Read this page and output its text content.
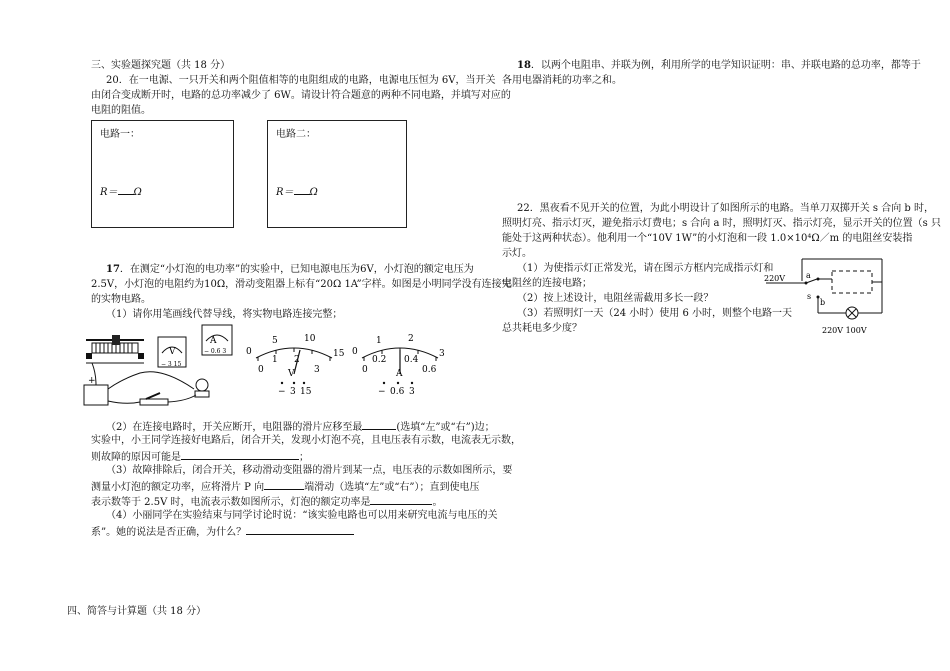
三、实验题探究题（共 18 分）
20．在一电源、一只开关和两个阻值相等的电阻组成的电路，电源电压恒为 6V，当开关
由闭合变成断开时，电路的总功率减少了 6W。请设计符合题意的两种不同电路，并填写对应的
电阻的阻值。
电路一：
R＝ Ω
电路二：
R＝ Ω
17．在测定“小灯泡的电功率”的实验中，已知电源电压为6V，小灯泡的额定电压为
2.5V，小灯泡的电阻约为10Ω，滑动变阻器上标有“20Ω 1A”字样。如图是小明同学没有连接完
的实物电路。
（1）请你用笔画线代替导线，将实物电路连接完整；
V
− 3 15
A
− 0.6 3
+
5	10
0	15
1 2
3
0	V
− 3 15
1	2
3
0
0.2 0.4
0	0.6
A
− 0.6 3
（2）在连接电路时，开关应断开，电阻器的滑片应移至最	(选填“左”或“右”)边；
实验中，小王同学连接好电路后，闭合开关，发现小灯泡不亮，且电压表有示数，电流表无示数，
则故障的原因可能是	；
（3）故障排除后，闭合开关，移动滑动变阻器的滑片到某一点，电压表的示数如图所示，要
测量小灯泡的额定功率，应将滑片 P 向	端滑动（选填“左”或“右”）；直到使电压
表示数等于 2.5V 时，电流表示数如图所示，灯泡的额定功率是	。
（4）小丽同学在实验结束与同学讨论时说：“该实验电路也可以用来研究电流与电压的关
系”。她的说法是否正确，为什么？
四、简答与计算题（共 18 分）
18．以两个电阻串、并联为例，利用所学的电学知识证明：串、并联电路的总功率，都等于
各用电器消耗的功率之和。
22．黑夜看不见开关的位置，为此小明设计了如图所示的电路。当单刀双掷开关 s 合向 b 时，
照明灯亮、指示灯灭，避免指示灯费电；s 合向 a 时，照明灯灭、指示灯亮，显示开关的位置（s 只
能处于这两种状态）。他利用一个“10V 1W”的小灯泡和一段 1.0×10⁴Ω／m 的电阻丝安装指
示灯。
（1）为使指示灯正常发光，请在图示方框内完成指示灯和
电阻丝的连接电路；
（2）按上述设计，电阻丝需截用多长一段？
（3）若照明灯一天（24 小时）使用 6 小时，则整个电路一天
总共耗电多少度？
a
b
s
220V
220V 100V
